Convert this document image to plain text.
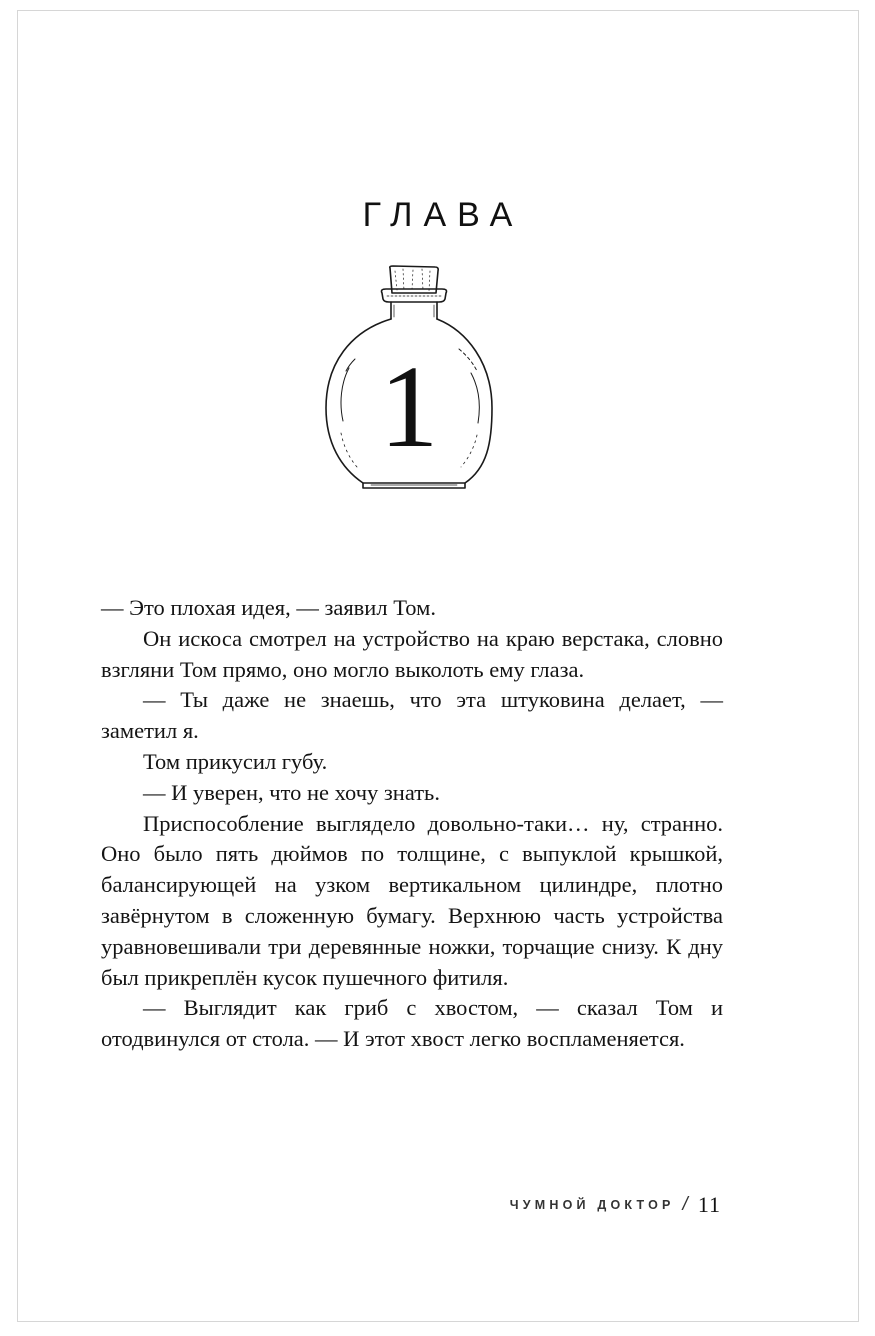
ГЛАВА
1

— Это плохая идея, — заявил Том.

Он искоса смотрел на устройство на краю верстака, словно взгляни Том прямо, оно могло выколоть ему глаза.

— Ты даже не знаешь, что эта штуковина делает, — заметил я.

Том прикусил губу.

— И уверен, что не хочу знать.

Приспособление выглядело довольно-таки… ну, странно. Оно было пять дюймов по толщине, с выпуклой крышкой, балансирующей на узком вертикальном цилиндре, плотно завёрнутом в сложенную бумагу. Верхнюю часть устройства уравновешивали три деревянные ножки, торчащие снизу. К дну был прикреплён кусок пушечного фитиля.

— Выглядит как гриб с хвостом, — сказал Том и отодвинулся от стола. — И этот хвост легко воспламеняется.

ЧУМНОЙ ДОКТОР / 11
